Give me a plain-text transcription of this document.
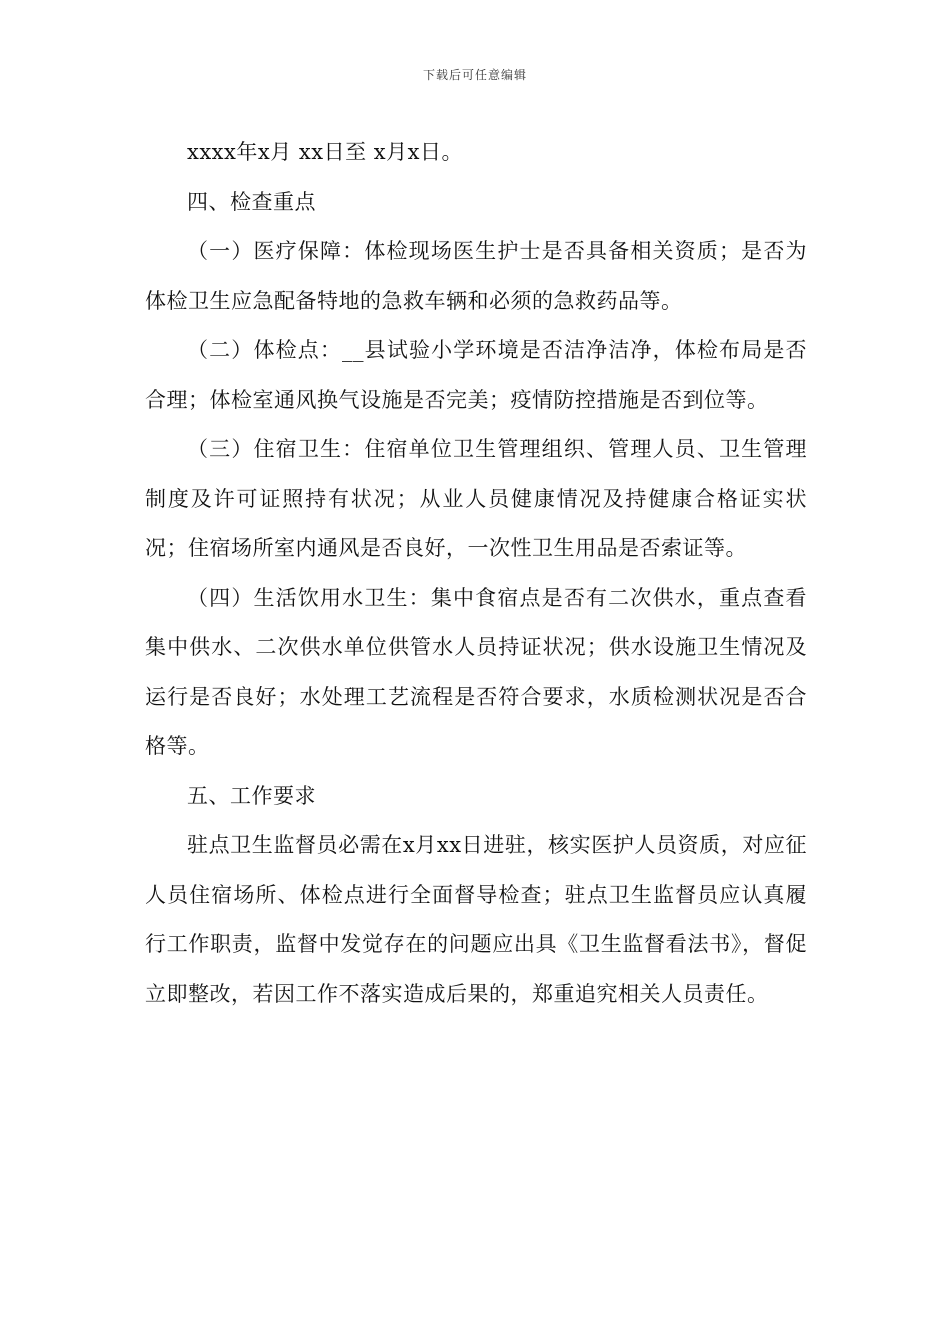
下载后可任意编辑

xxxx年x月 xx日至 x月x日。

四、检查重点

（一）医疗保障：体检现场医生护士是否具备相关资质；是否为体检卫生应急配备特地的急救车辆和必须的急救药品等。

（二）体检点：__县试验小学环境是否洁净洁净，体检布局是否合理；体检室通风换气设施是否完美；疫情防控措施是否到位等。

（三）住宿卫生：住宿单位卫生管理组织、管理人员、卫生管理制度及许可证照持有状况；从业人员健康情况及持健康合格证实状况；住宿场所室内通风是否良好，一次性卫生用品是否索证等。

（四）生活饮用水卫生：集中食宿点是否有二次供水，重点查看集中供水、二次供水单位供管水人员持证状况；供水设施卫生情况及运行是否良好；水处理工艺流程是否符合要求，水质检测状况是否合格等。

五、工作要求

驻点卫生监督员必需在x月xx日进驻，核实医护人员资质，对应征人员住宿场所、体检点进行全面督导检查；驻点卫生监督员应认真履行工作职责，监督中发觉存在的问题应出具《卫生监督看法书》，督促立即整改，若因工作不落实造成后果的，郑重追究相关人员责任。
